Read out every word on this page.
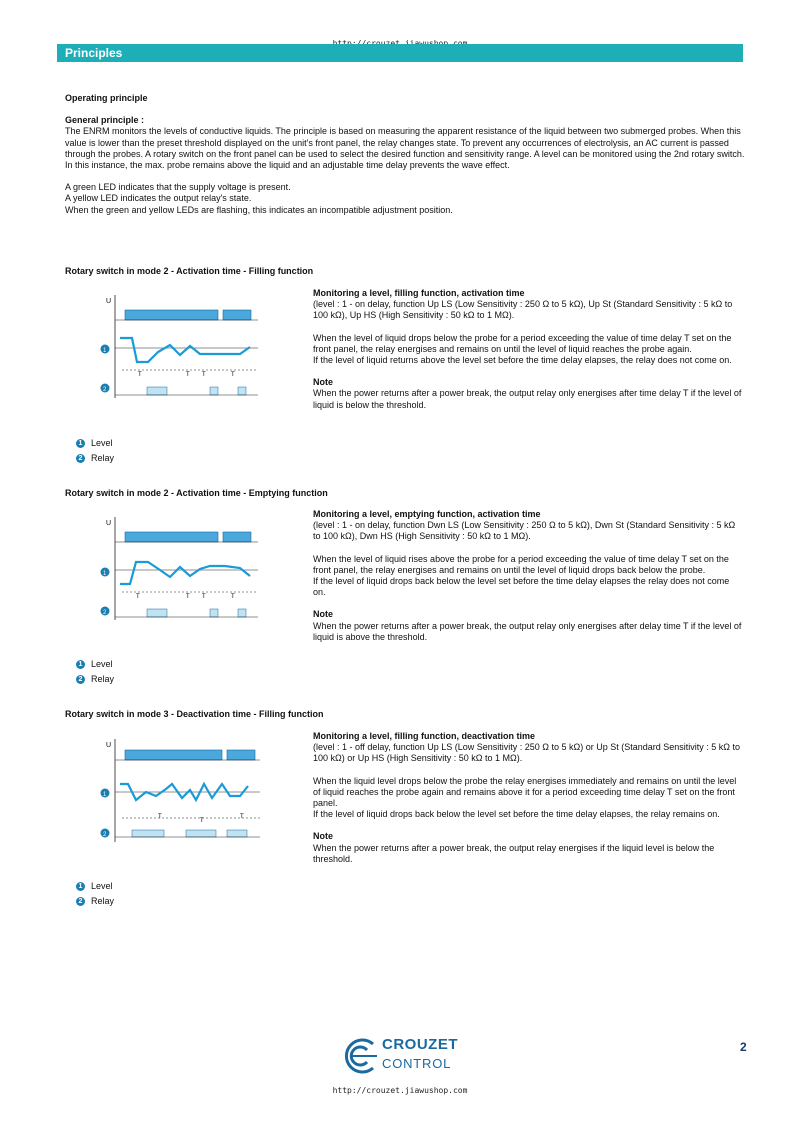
Principles

Operating principle

General principle :

The ENRM monitors the levels of conductive liquids. The principle is based on measuring the apparent resistance of the liquid between two submerged probes. When this value is lower than the preset threshold displayed on the unit's front panel, the relay changes state. To prevent any occurrences of electrolysis, an AC current is passed through the probes. A rotary switch on the front panel can be used to select the desired function and sensitivity range. A level can be monitored using the 2nd rotary switch.

In this instance, the max. probe remains above the liquid and an adjustable time delay prevents the wave effect.

A green LED indicates that the supply voltage is present.

A yellow LED indicates the output relay's state.

When the green and yellow LEDs are flashing, this indicates an incompatible adjustment position.

Rotary switch in mode 2 - Activation time - Filling function
U
1
T	T T	T
2

Monitoring a level, filling function, activation time

(level : 1 - on delay, function Up LS (Low Sensitivity : 250 Ω to 5 kΩ), Up St (Standard Sensitivity : 5 kΩ to 100 kΩ), Up HS (High Sensitivity : 50 kΩ to 1 MΩ).

When the level of liquid drops below the probe for a period exceeding the value of time delay T set on the front panel, the relay energises and remains on until the level of liquid reaches the probe again.

If the level of liquid returns above the level set before the time delay elapses, the relay does not come on.

Note

When the power returns after a power break, the output relay only energises after time delay T if the level of liquid is below the threshold.

1 Level
2 Relay
Rotary switch in mode 2 - Activation time - Emptying function
U
1
T	T T	T
2

Monitoring a level, emptying function, activation time

(level : 1 - on delay, function Dwn LS (Low Sensitivity : 250 Ω to 5 kΩ), Dwn St (Standard Sensitivity : 5 kΩ to 100 kΩ), Dwn HS (High Sensitivity : 50 kΩ to 1 MΩ).

When the level of liquid rises above the probe for a period exceeding the value of time delay T set on the front panel, the relay energises and remains on until the level of liquid drops back below the probe.

If the level of liquid drops back below the level set before the time delay elapses the relay does not come on.

Note

When the power returns after a power break, the output relay only energises after delay time T if the level of liquid is above the threshold.

1 Level
2 Relay
Rotary switch in mode 3 - Deactivation time - Filling function
U
1
T
T
T
2

Monitoring a level, filling function, deactivation time

(level : 1 - off delay, function Up LS (Low Sensitivity : 250 Ω to 5 kΩ) or Up St (Standard Sensitivity : 5 kΩ to 100 kΩ) or Up HS (High Sensitivity : 50 kΩ to 1 MΩ).

When the liquid level drops below the probe the relay energises immediately and remains on until the level of liquid reaches the probe again and remains above it for a period exceeding time delay T set on the front panel.

If the level of liquid drops back below the level set before the time delay elapses, the relay remains on.

Note

When the power returns after a power break, the output relay energises if the liquid level is below the threshold.

1 Level
2 Relay
CROUZET
CONTROL
2
http://crouzet.jiawushop.com
